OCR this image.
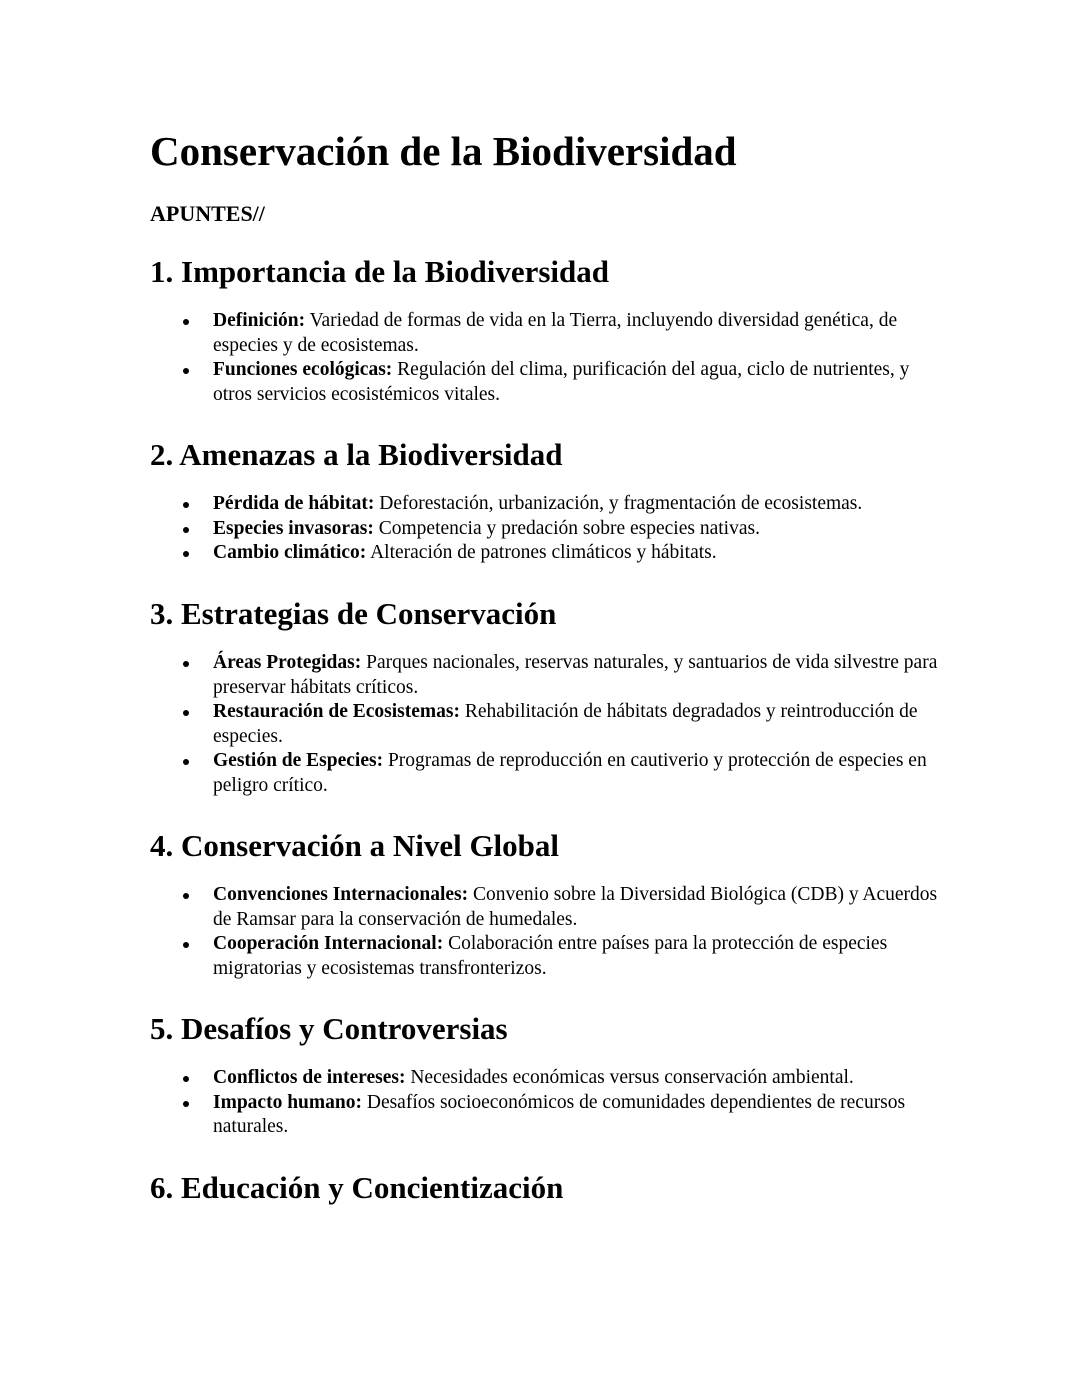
Conservación de la Biodiversidad
APUNTES//
1. Importancia de la Biodiversidad
Definición: Variedad de formas de vida en la Tierra, incluyendo diversidad genética, de especies y de ecosistemas.
Funciones ecológicas: Regulación del clima, purificación del agua, ciclo de nutrientes, y otros servicios ecosistémicos vitales.
2. Amenazas a la Biodiversidad
Pérdida de hábitat: Deforestación, urbanización, y fragmentación de ecosistemas.
Especies invasoras: Competencia y predación sobre especies nativas.
Cambio climático: Alteración de patrones climáticos y hábitats.
3. Estrategias de Conservación
Áreas Protegidas: Parques nacionales, reservas naturales, y santuarios de vida silvestre para preservar hábitats críticos.
Restauración de Ecosistemas: Rehabilitación de hábitats degradados y reintroducción de especies.
Gestión de Especies: Programas de reproducción en cautiverio y protección de especies en peligro crítico.
4. Conservación a Nivel Global
Convenciones Internacionales: Convenio sobre la Diversidad Biológica (CDB) y Acuerdos de Ramsar para la conservación de humedales.
Cooperación Internacional: Colaboración entre países para la protección de especies migratorias y ecosistemas transfronterizos.
5. Desafíos y Controversias
Conflictos de intereses: Necesidades económicas versus conservación ambiental.
Impacto humano: Desafíos socioeconómicos de comunidades dependientes de recursos naturales.
6. Educación y Concientización
